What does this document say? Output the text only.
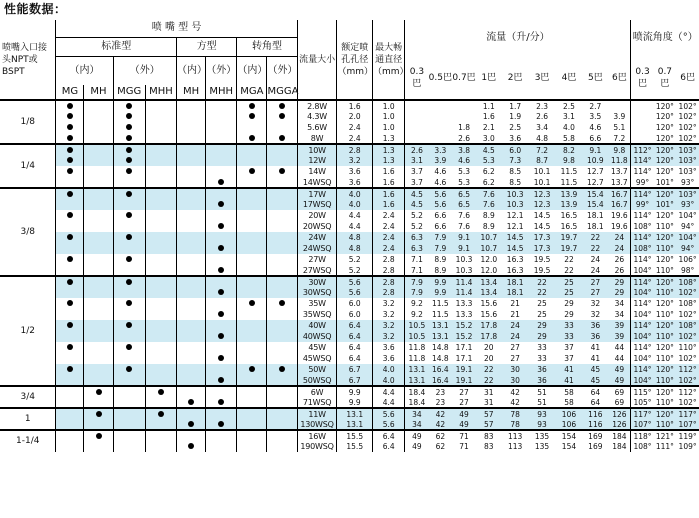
性能数据：
喷嘴入口接头NPT或BSPT	喷 嘴 型 号								流量大小	额定喷孔孔径（mm）	最大畅通直径（mm）	流量（升/分）									喷流角度（°）		
	标准型				方型		转角型																
	（内）		（外）		（内）	（外）	（内）	（外）				0.3巴	0.5巴	0.7巴	1巴	2巴	3巴	4巴	5巴	6巴	0.3巴	0.7巴	6巴
	MG	MH	MGG	MHH	MH	MHH	MGA	MGGA															
1/8									2.8W	1.6	1.0				1.1	1.7	2.3	2.5	2.7			120°	102°
									4.3W	2.0	1.0				1.6	1.9	2.6	3.1	3.5	3.9		120°	102°
									5.6W	2.4	1.0			1.8	2.1	2.5	3.4	4.0	4.6	5.1		120°	102°
									8W	2.4	1.3			2.6	3.0	3.6	4.8	5.8	6.6	7.2		120°	102°
1/4									10W	2.8	1.3	2.6	3.3	3.8	4.5	6.0	7.2	8.2	9.1	9.8	112°	120°	103°
									12W	3.2	1.3	3.1	3.9	4.6	5.3	7.3	8.7	9.8	10.9	11.8	114°	120°	103°
									14W	3.6	1.6	3.7	4.6	5.3	6.2	8.5	10.1	11.5	12.7	13.7	114°	120°	103°
									14WSQ	3.6	1.6	3.7	4.6	5.3	6.2	8.5	10.1	11.5	12.7	13.7	99°	101°	93°
3/8									17W	4.0	1.6	4.5	5.6	6.5	7.6	10.3	12.3	13.9	15.4	16.7	114°	120°	103°
									17WSQ	4.0	1.6	4.5	5.6	6.5	7.6	10.3	12.3	13.9	15.4	16.7	99°	101°	93°
									20W	4.4	2.4	5.2	6.6	7.6	8.9	12.1	14.5	16.5	18.1	19.6	114°	120°	104°
									20WSQ	4.4	2.4	5.2	6.6	7.6	8.9	12.1	14.5	16.5	18.1	19.6	108°	110°	94°
									24W	4.8	2.4	6.3	7.9	9.1	10.7	14.5	17.3	19.7	22	24	114°	120°	104°
									24WSQ	4.8	2.4	6.3	7.9	9.1	10.7	14.5	17.3	19.7	22	24	108°	110°	94°
									27W	5.2	2.8	7.1	8.9	10.3	12.0	16.3	19.5	22	24	26	114°	120°	106°
									27WSQ	5.2	2.8	7.1	8.9	10.3	12.0	16.3	19.5	22	24	26	104°	110°	98°
1/2									30W	5.6	2.8	7.9	9.9	11.4	13.4	18.1	22	25	27	29	114°	120°	108°
									30WSQ	5.6	2.8	7.9	9.9	11.4	13.4	18.1	22	25	27	29	104°	110°	102°
									35W	6.0	3.2	9.2	11.5	13.3	15.6	21	25	29	32	34	114°	120°	108°
									35WSQ	6.0	3.2	9.2	11.5	13.3	15.6	21	25	29	32	34	104°	110°	102°
									40W	6.4	3.2	10.5	13.1	15.2	17.8	24	29	33	36	39	114°	120°	108°
									40WSQ	6.4	3.2	10.5	13.1	15.2	17.8	24	29	33	36	39	104°	110°	102°
									45W	6.4	3.6	11.8	14.8	17.1	20	27	33	37	41	44	114°	120°	110°
									45WSQ	6.4	3.6	11.8	14.8	17.1	20	27	33	37	41	44	104°	110°	102°
									50W	6.7	4.0	13.1	16.4	19.1	22	30	36	41	45	49	114°	120°	112°
									50WSQ	6.7	4.0	13.1	16.4	19.1	22	30	36	41	45	49	104°	110°	102°
3/4									6W	9.9	4.4	18.4	23	27	31	42	51	58	64	69	115°	120°	112°
									71WSQ	9.9	4.4	18.4	23	27	31	42	51	58	64	69	105°	110°	102°
1									11W	13.1	5.6	34	42	49	57	78	93	106	116	126	117°	120°	117°
									130WSQ	13.1	5.6	34	42	49	57	78	93	106	116	126	107°	110°	107°
1-1/4									16W	15.5	6.4	49	62	71	83	113	135	154	169	184	118°	121°	119°
									190WSQ	15.5	6.4	49	62	71	83	113	135	154	169	184	108°	111°	109°
